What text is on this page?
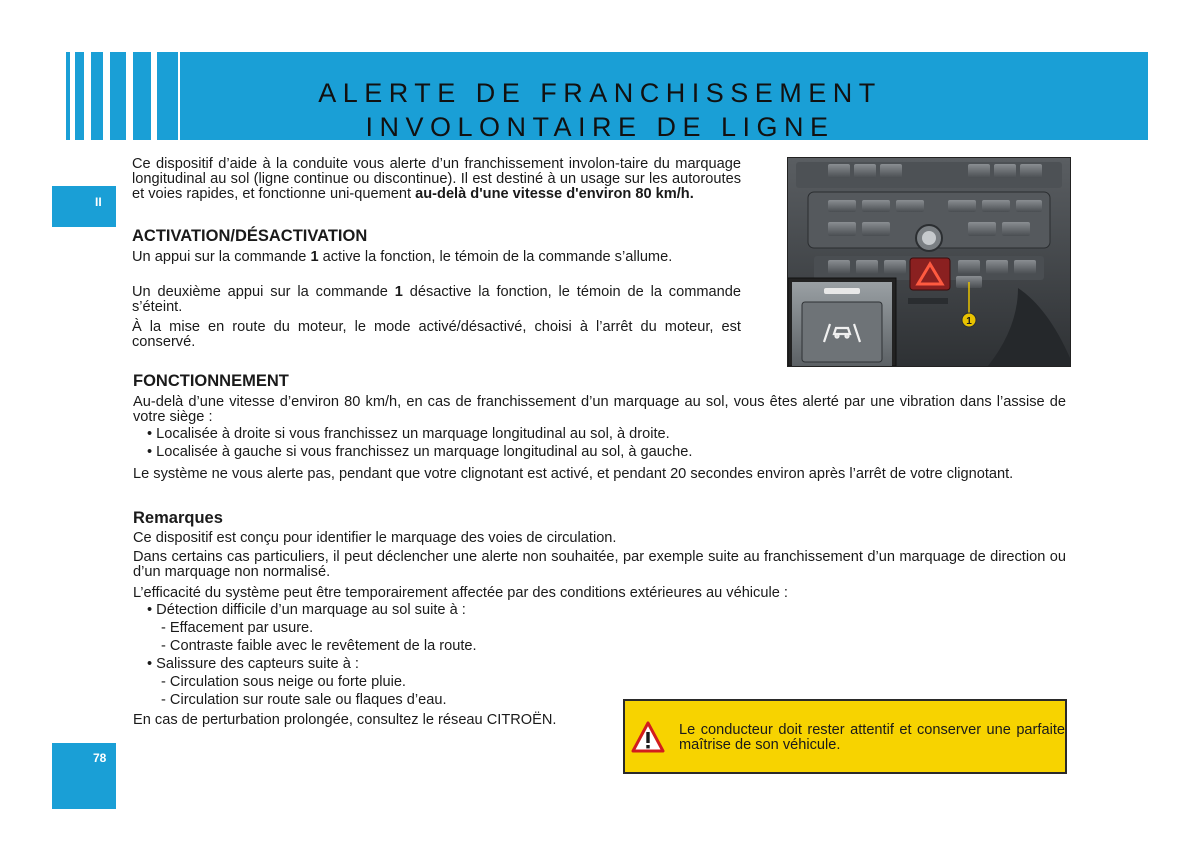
ALERTE DE FRANCHISSEMENT
INVOLONTAIRE DE LIGNE
II
78

Ce dispositif d’aide à la conduite vous alerte d’un franchissement involon-taire du marquage longitudinal au sol (ligne continue ou discontinue). Il est destiné à un usage sur les autoroutes et voies rapides, et fonctionne uni-quement au-delà d'une vitesse d'environ 80 km/h.

ACTIVATION/DÉSACTIVATION

Un appui sur la commande 1 active la fonction, le témoin de la commande s’allume.

Un deuxième appui sur la commande 1 désactive la fonction, le témoin de la commande s’éteint.

À la mise en route du moteur, le mode activé/désactivé, choisi à l’arrêt du moteur, est conservé.

1
FONCTIONNEMENT

Au-delà d’une vitesse d’environ 80 km/h, en cas de franchissement d’un marquage au sol, vous êtes alerté par une vibration dans l’assise de votre siège :

• Localisée à droite si vous franchissez un marquage longitudinal au sol, à droite.

• Localisée à gauche si vous franchissez un marquage longitudinal au sol, à gauche.

Le système ne vous alerte pas, pendant que votre clignotant est activé, et pendant 20 secondes environ après l’arrêt de votre clignotant.

Remarques

Ce dispositif est conçu pour identifier le marquage des voies de circulation.

Dans certains cas particuliers, il peut déclencher une alerte non souhaitée, par exemple suite au franchissement d’un marquage de direction ou d’un marquage non normalisé.

L’efficacité du système peut être temporairement affectée par des conditions extérieures au véhicule :

• Détection difficile d’un marquage au sol suite à :

- Effacement par usure.

- Contraste faible avec le revêtement de la route.

• Salissure des capteurs suite à :

- Circulation sous neige ou forte pluie.

- Circulation sur route sale ou flaques d’eau.

En cas de perturbation prolongée, consultez le réseau CITROËN.

Le conducteur doit rester attentif et conserver une parfaite maîtrise de son véhicule.
